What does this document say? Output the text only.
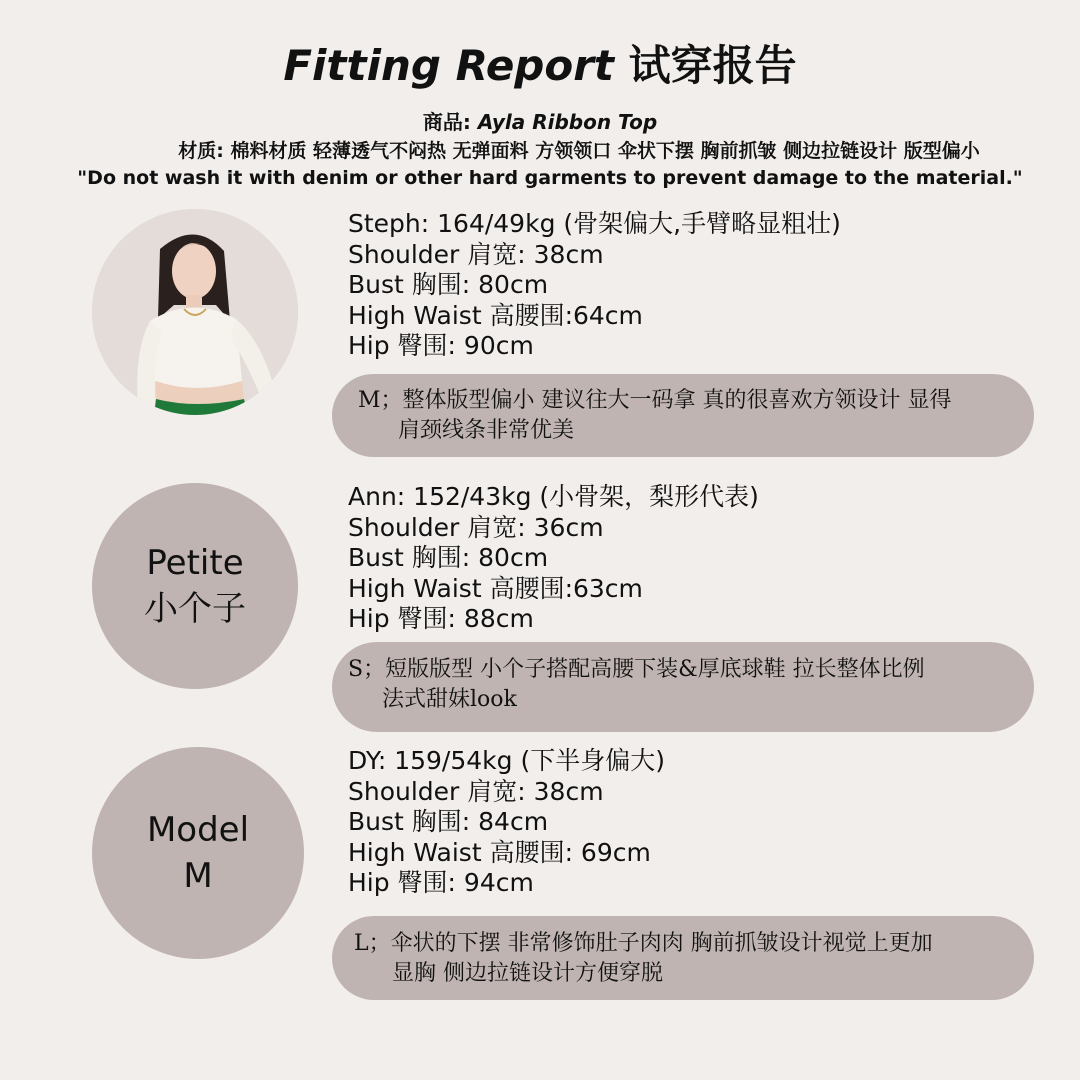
Fitting Report 试穿报告
商品: Ayla Ribbon Top
材质: 棉料材质 轻薄透气不闷热 无弹面料 方领领口 伞状下摆 胸前抓皱 侧边拉链设计 版型偏小
"Do not wash it with denim or other hard garments to prevent damage to the material."
Petite
小个子
Model
M
Steph: 164/49kg (骨架偏大,手臂略显粗壮)
Shoulder 肩宽: 38cm
Bust 胸围: 80cm
High Waist 高腰围:64cm
Hip 臀围: 90cm
M；整体版型偏小 建议往大一码拿 真的很喜欢方领设计 显得
肩颈线条非常优美
Ann: 152/43kg (小骨架，梨形代表)
Shoulder 肩宽: 36cm
Bust 胸围: 80cm
High Waist 高腰围:63cm
Hip 臀围: 88cm
S；短版版型 小个子搭配高腰下装&厚底球鞋 拉长整体比例
法式甜妹look
DY: 159/54kg (下半身偏大)
Shoulder 肩宽: 38cm
Bust 胸围: 84cm
High Waist 高腰围: 69cm
Hip 臀围: 94cm
L；伞状的下摆 非常修饰肚子肉肉 胸前抓皱设计视觉上更加
显胸 侧边拉链设计方便穿脱
